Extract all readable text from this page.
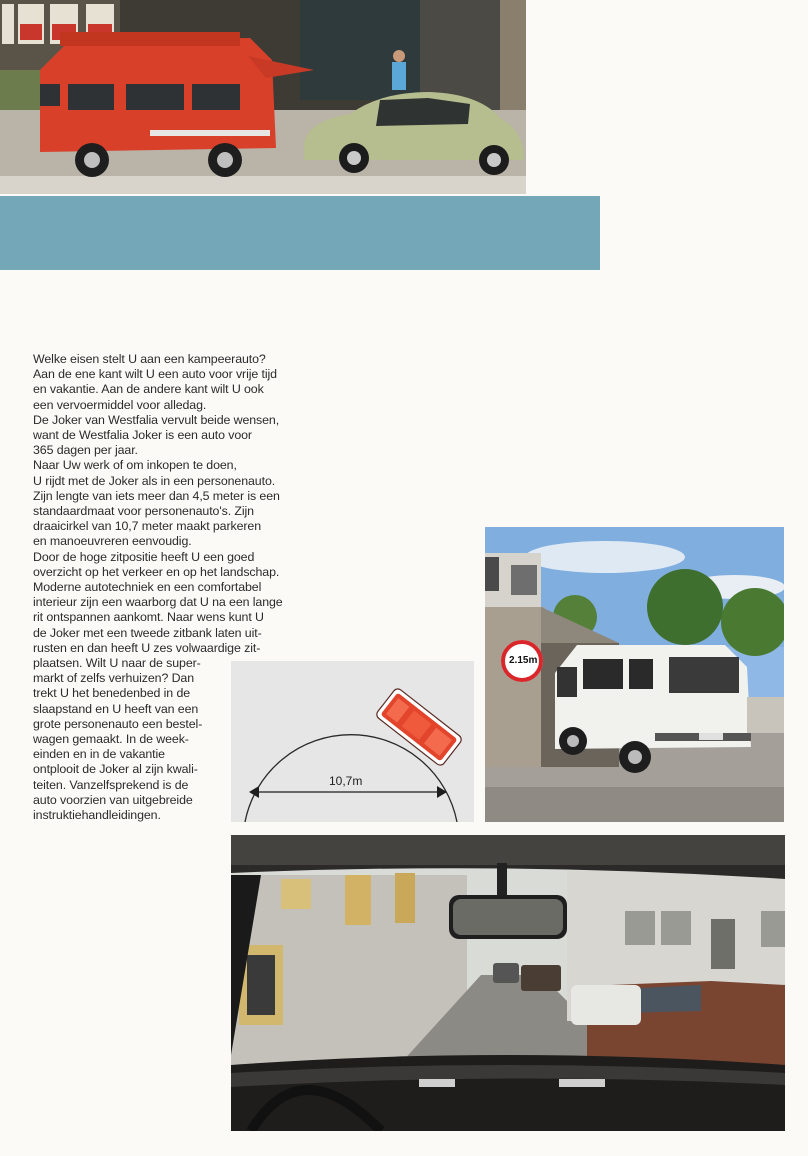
Welke eisen stelt U aan een kampeerauto?
Aan de ene kant wilt U een auto voor vrije tijd
en vakantie. Aan de andere kant wilt U ook
een vervoermiddel voor alledag.
De Joker van Westfalia vervult beide wensen,
want de Westfalia Joker is een auto voor
365 dagen per jaar.
Naar Uw werk of om inkopen te doen,
U rijdt met de Joker als in een personenauto.
Zijn lengte van iets meer dan 4,5 meter is een
standaardmaat voor personenauto's. Zijn
draaicirkel van 10,7 meter maakt parkeren
en manoeuvreren eenvoudig.
Door de hoge zitpositie heeft U een goed
overzicht op het verkeer en op het landschap.
Moderne autotechniek en een comfortabel
interieur zijn een waarborg dat U na een lange
rit ontspannen aankomt. Naar wens kunt U
de Joker met een tweede zitbank laten uit-
rusten en dan heeft U zes volwaardige zit-
plaatsen. Wilt U naar de super-
markt of zelfs verhuizen? Dan
trekt U het benedenbed in de
slaapstand en U heeft van een
grote personenauto een bestel-
wagen gemaakt. In de week-
einden en in de vakantie
ontplooit de Joker al zijn kwali-
teiten. Vanzelfsprekend is de
auto voorzien van uitgebreide
instruktiehandleidingen.

10,7m
2.15m
